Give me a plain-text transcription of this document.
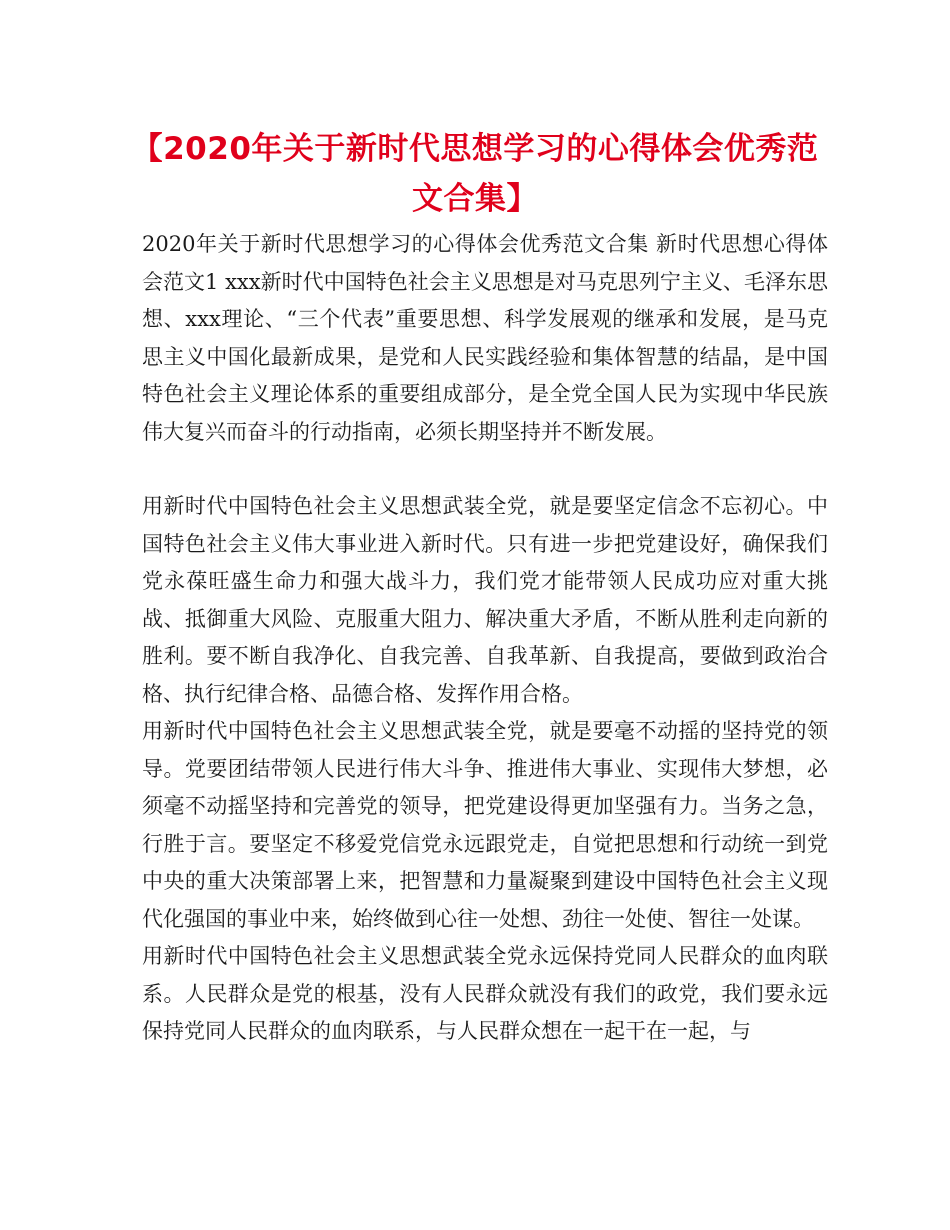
【2020年关于新时代思想学习的心得体会优秀范文合集】

2020年关于新时代思想学习的心得体会优秀范文合集 新时代思想心得体会范文1 xxx新时代中国特色社会主义思想是对马克思列宁主义、毛泽东思想、xxx理论、“三个代表”重要思想、科学发展观的继承和发展，是马克思主义中国化最新成果，是党和人民实践经验和集体智慧的结晶，是中国特色社会主义理论体系的重要组成部分，是全党全国人民为实现中华民族伟大复兴而奋斗的行动指南，必须长期坚持并不断发展。

用新时代中国特色社会主义思想武装全党，就是要坚定信念不忘初心。中国特色社会主义伟大事业进入新时代。只有进一步把党建设好，确保我们党永葆旺盛生命力和强大战斗力，我们党才能带领人民成功应对重大挑战、抵御重大风险、克服重大阻力、解决重大矛盾，不断从胜利走向新的胜利。要不断自我净化、自我完善、自我革新、自我提高，要做到政治合格、执行纪律合格、品德合格、发挥作用合格。

用新时代中国特色社会主义思想武装全党，就是要毫不动摇的坚持党的领导。党要团结带领人民进行伟大斗争、推进伟大事业、实现伟大梦想，必须毫不动摇坚持和完善党的领导，把党建设得更加坚强有力。当务之急，行胜于言。要坚定不移爱党信党永远跟党走，自觉把思想和行动统一到党中央的重大决策部署上来，把智慧和力量凝聚到建设中国特色社会主义现代化强国的事业中来，始终做到心往一处想、劲往一处使、智往一处谋。

用新时代中国特色社会主义思想武装全党永远保持党同人民群众的血肉联系。人民群众是党的根基，没有人民群众就没有我们的政党，我们要永远保持党同人民群众的血肉联系，与人民群众想在一起干在一起，与
